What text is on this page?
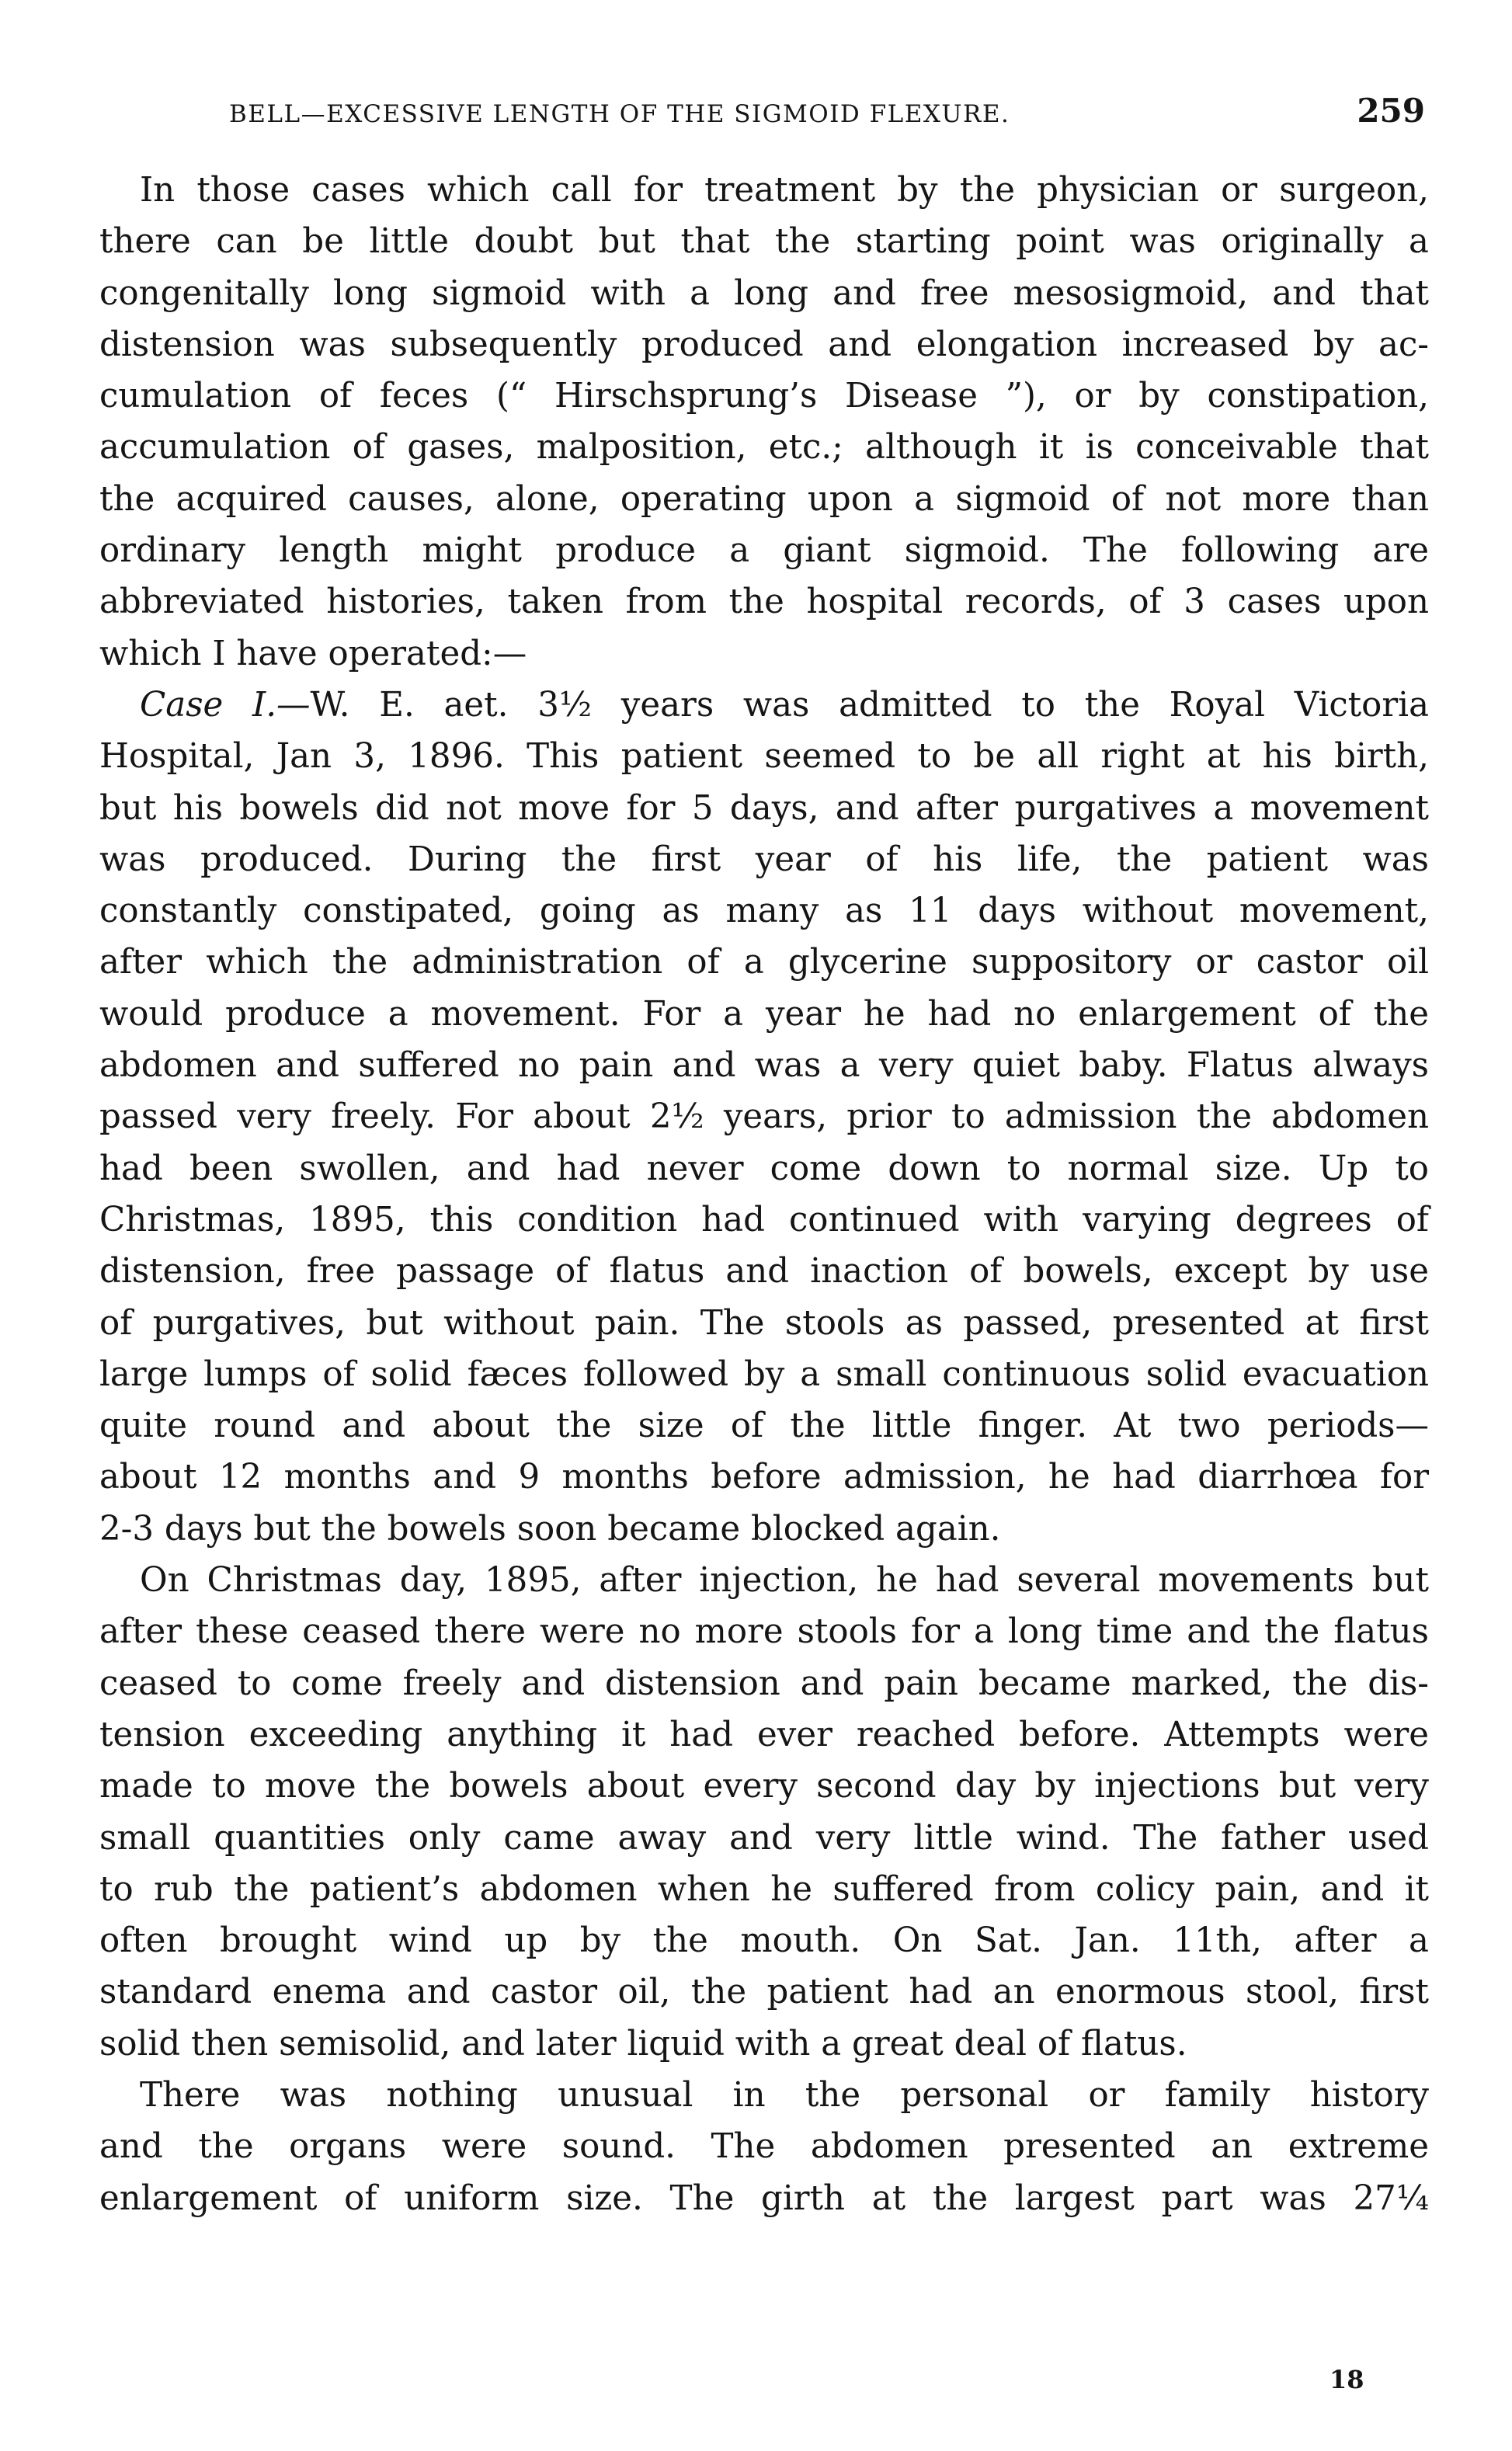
BELL—EXCESSIVE LENGTH OF THE SIGMOID FLEXURE.	259
In those cases which call for treatment by the physician or surgeon,
there can be little doubt but that the starting point was originally a
congenitally long sigmoid with a long and free mesosigmoid, and that
distension was subsequently produced and elongation increased by ac-
cumulation of feces (“ Hirschsprung’s Disease ”), or by constipation,
accumulation of gases, malposition, etc.; although it is conceivable that
the acquired causes, alone, operating upon a sigmoid of not more than
ordinary length might produce a giant sigmoid. The following are
abbreviated histories, taken from the hospital records, of 3 cases upon
which I have operated:—
Case I.—W. E. aet. 3½ years was admitted to the Royal Victoria
Hospital, Jan 3, 1896. This patient seemed to be all right at his birth,
but his bowels did not move for 5 days, and after purgatives a movement
was produced. During the first year of his life, the patient was
constantly constipated, going as many as 11 days without movement,
after which the administration of a glycerine suppository or castor oil
would produce a movement. For a year he had no enlargement of the
abdomen and suffered no pain and was a very quiet baby. Flatus always
passed very freely. For about 2½ years, prior to admission the abdomen
had been swollen, and had never come down to normal size. Up to
Christmas, 1895, this condition had continued with varying degrees of
distension, free passage of flatus and inaction of bowels, except by use
of purgatives, but without pain. The stools as passed, presented at first
large lumps of solid fæces followed by a small continuous solid evacuation
quite round and about the size of the little finger. At two periods—
about 12 months and 9 months before admission, he had diarrhœa for
2-3 days but the bowels soon became blocked again.
On Christmas day, 1895, after injection, he had several movements but
after these ceased there were no more stools for a long time and the flatus
ceased to come freely and distension and pain became marked, the dis-
tension exceeding anything it had ever reached before. Attempts were
made to move the bowels about every second day by injections but very
small quantities only came away and very little wind. The father used
to rub the patient’s abdomen when he suffered from colicy pain, and it
often brought wind up by the mouth. On Sat. Jan. 11th, after a
standard enema and castor oil, the patient had an enormous stool, first
solid then semisolid, and later liquid with a great deal of flatus.
There was nothing unusual in the personal or family history
and the organs were sound. The abdomen presented an extreme
enlargement of uniform size. The girth at the largest part was 27¼
18
